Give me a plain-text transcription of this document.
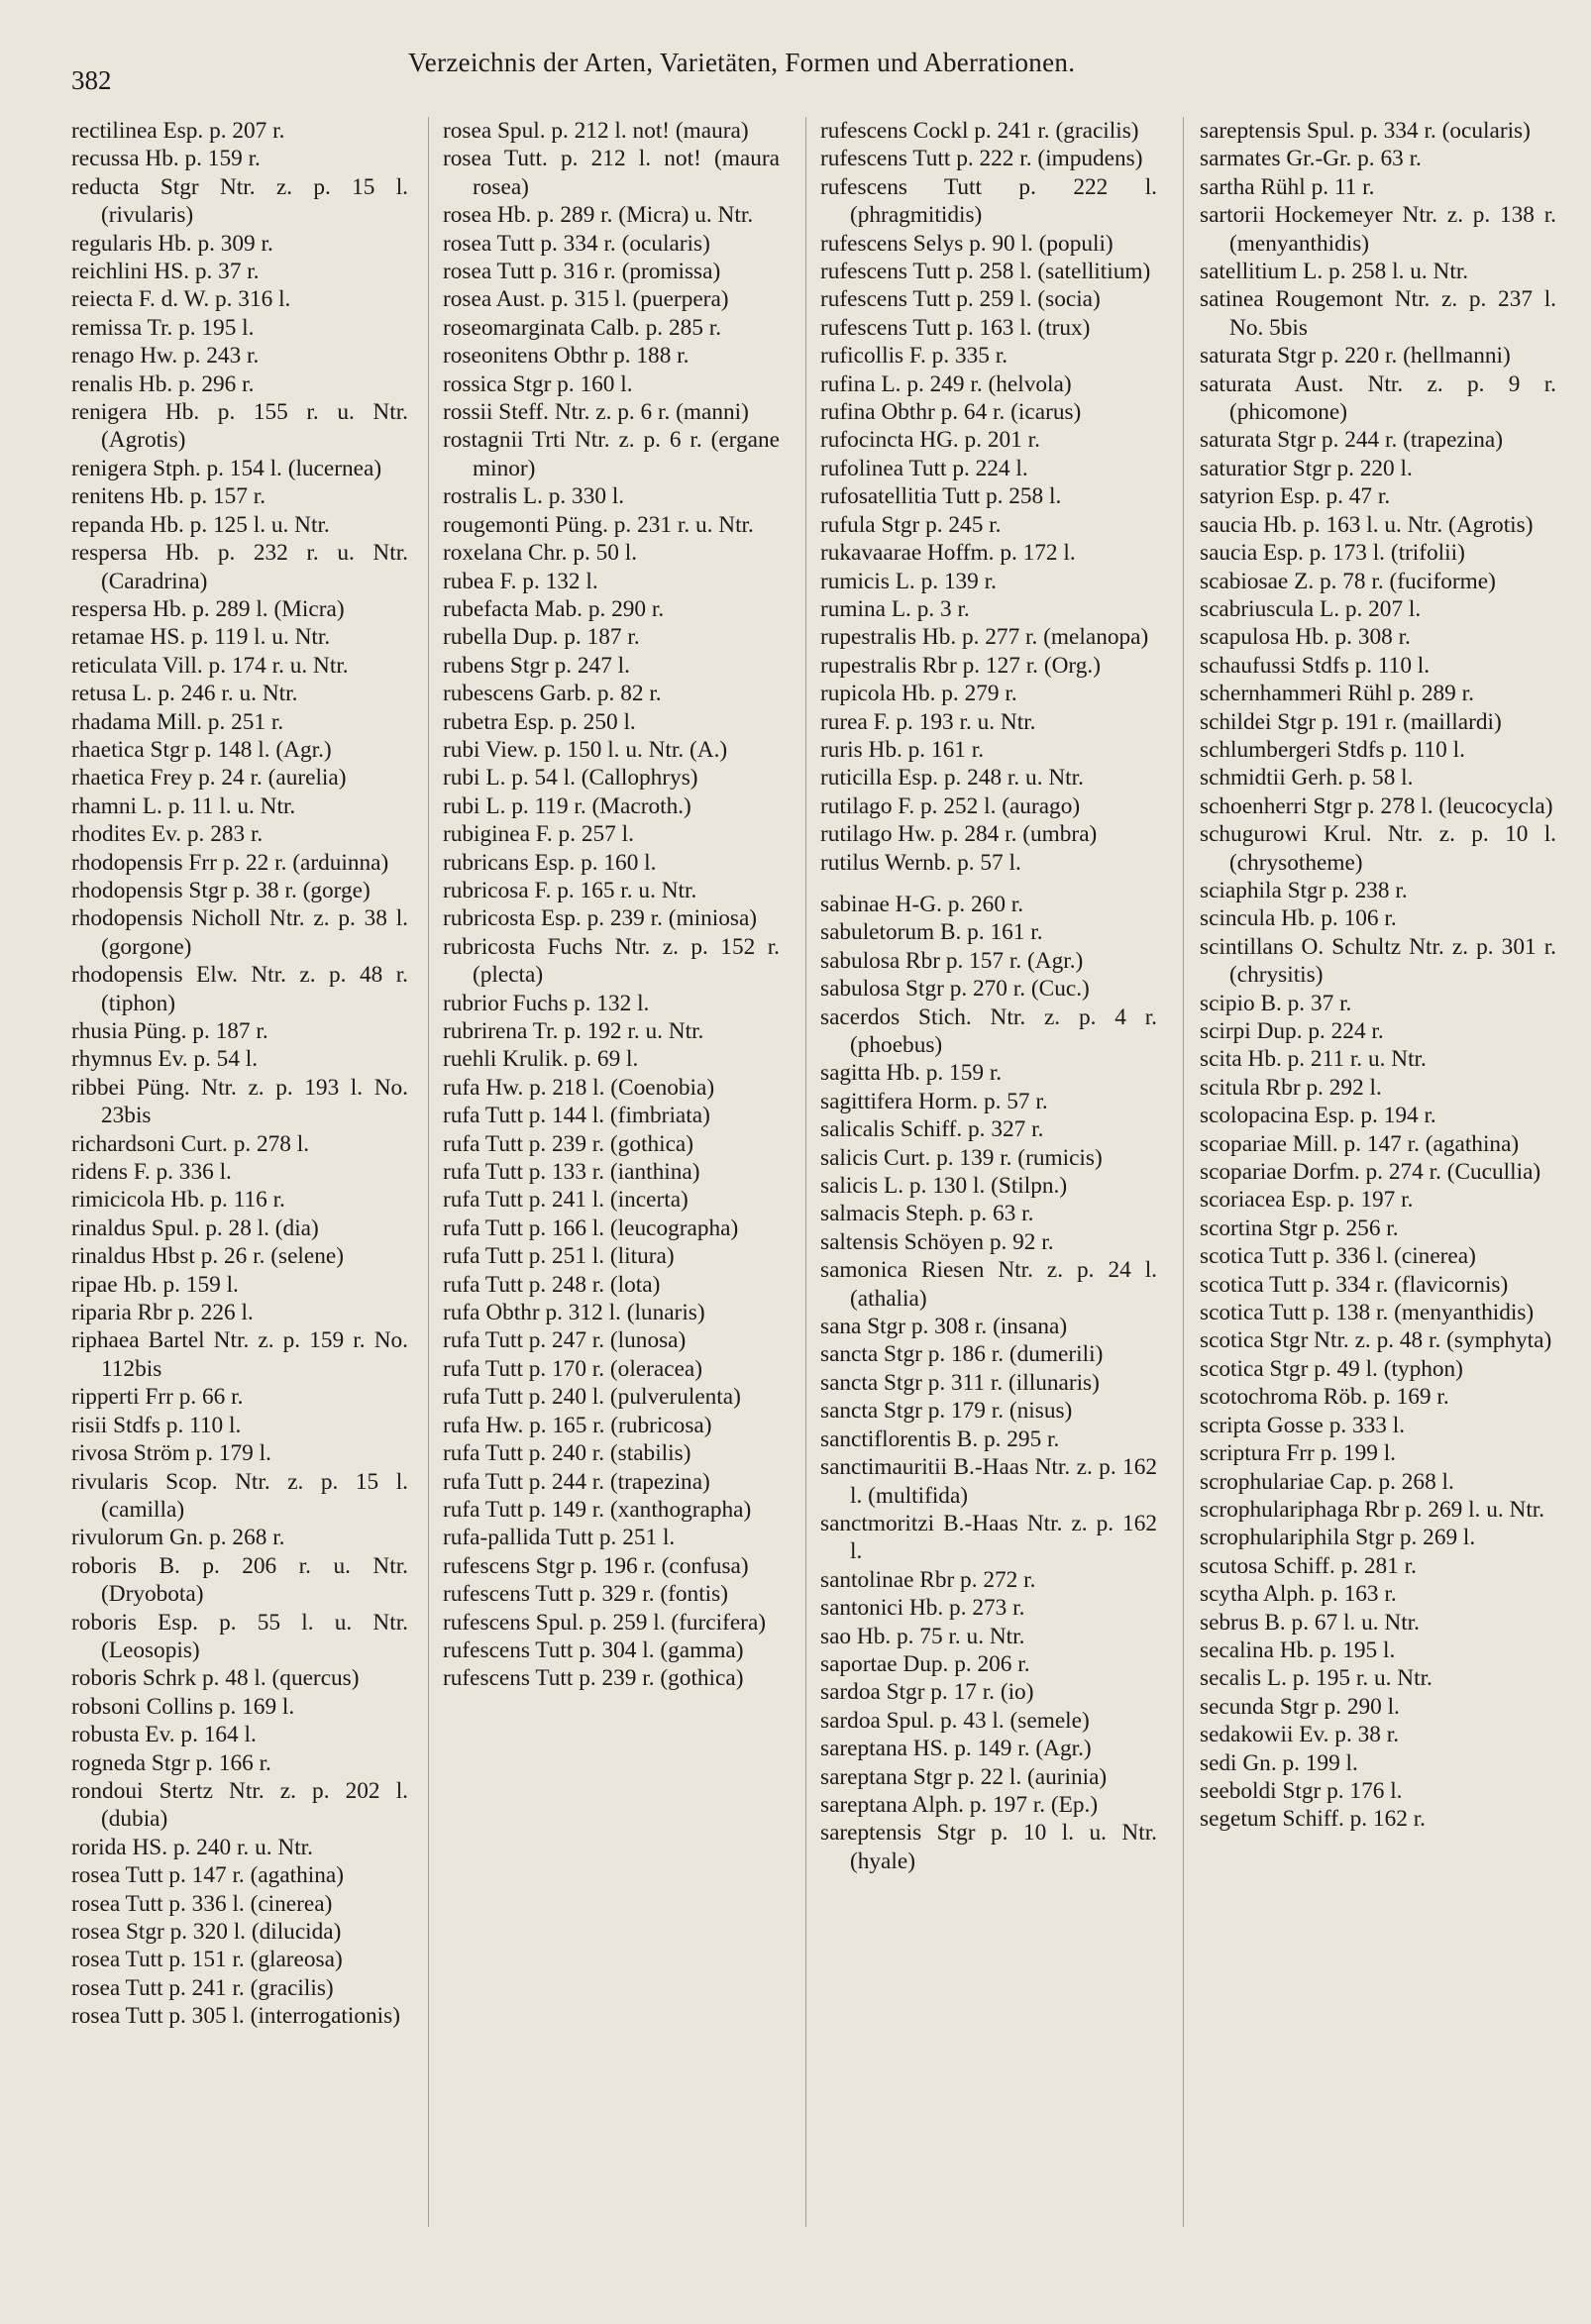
382
Verzeichnis der Arten, Varietäten, Formen und Aberrationen.
rectilinea Esp. p. 207 r.
recussa Hb. p. 159 r.
reducta Stgr Ntr. z. p. 15 l. (rivularis)
regularis Hb. p. 309 r.
reichlini HS. p. 37 r.
reiecta F. d. W. p. 316 l.
remissa Tr. p. 195 l.
renago Hw. p. 243 r.
renalis Hb. p. 296 r.
renigera Hb. p. 155 r. u. Ntr. (Agrotis)
renigera Stph. p. 154 l. (lucernea)
renitens Hb. p. 157 r.
repanda Hb. p. 125 l. u. Ntr.
respersa Hb. p. 232 r. u. Ntr. (Caradrina)
respersa Hb. p. 289 l. (Micra)
retamae HS. p. 119 l. u. Ntr.
reticulata Vill. p. 174 r. u. Ntr.
retusa L. p. 246 r. u. Ntr.
rhadama Mill. p. 251 r.
rhaetica Stgr p. 148 l. (Agr.)
rhaetica Frey p. 24 r. (aurelia)
rhamni L. p. 11 l. u. Ntr.
rhodites Ev. p. 283 r.
rhodopensis Frr p. 22 r. (arduinna)
rhodopensis Stgr p. 38 r. (gorge)
rhodopensis Nicholl Ntr. z. p. 38 l. (gorgone)
rhodopensis Elw. Ntr. z. p. 48 r. (tiphon)
rhusia Püng. p. 187 r.
rhymnus Ev. p. 54 l.
ribbei Püng. Ntr. z. p. 193 l. No. 23bis
richardsoni Curt. p. 278 l.
ridens F. p. 336 l.
rimicicola Hb. p. 116 r.
rinaldus Spul. p. 28 l. (dia)
rinaldus Hbst p. 26 r. (selene)
ripae Hb. p. 159 l.
riparia Rbr p. 226 l.
riphaea Bartel Ntr. z. p. 159 r. No. 112bis
ripperti Frr p. 66 r.
risii Stdfs p. 110 l.
rivosa Ström p. 179 l.
rivularis Scop. Ntr. z. p. 15 l. (camilla)
rivulorum Gn. p. 268 r.
roboris B. p. 206 r. u. Ntr. (Dryobota)
roboris Esp. p. 55 l. u. Ntr. (Leosopis)
roboris Schrk p. 48 l. (quercus)
robsoni Collins p. 169 l.
robusta Ev. p. 164 l.
rogneda Stgr p. 166 r.
rondoui Stertz Ntr. z. p. 202 l. (dubia)
rorida HS. p. 240 r. u. Ntr.
rosea Tutt p. 147 r. (agathina)
rosea Tutt p. 336 l. (cinerea)
rosea Stgr p. 320 l. (dilucida)
rosea Tutt p. 151 r. (glareosa)
rosea Tutt p. 241 r. (gracilis)
rosea Tutt p. 305 l. (interrogationis)
rosea Spul. p. 212 l. not! (maura)
rosea Tutt. p. 212 l. not! (maura rosea)
rosea Hb. p. 289 r. (Micra) u. Ntr.
rosea Tutt p. 334 r. (ocularis)
rosea Tutt p. 316 r. (promissa)
rosea Aust. p. 315 l. (puerpera)
roseomarginata Calb. p. 285 r.
roseonitens Obthr p. 188 r.
rossica Stgr p. 160 l.
rossii Steff. Ntr. z. p. 6 r. (manni)
rostagnii Trti Ntr. z. p. 6 r. (ergane minor)
rostralis L. p. 330 l.
rougemonti Püng. p. 231 r. u. Ntr.
roxelana Chr. p. 50 l.
rubea F. p. 132 l.
rubefacta Mab. p. 290 r.
rubella Dup. p. 187 r.
rubens Stgr p. 247 l.
rubescens Garb. p. 82 r.
rubetra Esp. p. 250 l.
rubi View. p. 150 l. u. Ntr. (A.)
rubi L. p. 54 l. (Callophrys)
rubi L. p. 119 r. (Macroth.)
rubiginea F. p. 257 l.
rubricans Esp. p. 160 l.
rubricosa F. p. 165 r. u. Ntr.
rubricosta Esp. p. 239 r. (miniosa)
rubricosta Fuchs Ntr. z. p. 152 r. (plecta)
rubrior Fuchs p. 132 l.
rubrirena Tr. p. 192 r. u. Ntr.
ruehli Krulik. p. 69 l.
rufa Hw. p. 218 l. (Coenobia)
rufa Tutt p. 144 l. (fimbriata)
rufa Tutt p. 239 r. (gothica)
rufa Tutt p. 133 r. (ianthina)
rufa Tutt p. 241 l. (incerta)
rufa Tutt p. 166 l. (leucographa)
rufa Tutt p. 251 l. (litura)
rufa Tutt p. 248 r. (lota)
rufa Obthr p. 312 l. (lunaris)
rufa Tutt p. 247 r. (lunosa)
rufa Tutt p. 170 r. (oleracea)
rufa Tutt p. 240 l. (pulverulenta)
rufa Hw. p. 165 r. (rubricosa)
rufa Tutt p. 240 r. (stabilis)
rufa Tutt p. 244 r. (trapezina)
rufa Tutt p. 149 r. (xanthographa)
rufa-pallida Tutt p. 251 l.
rufescens Stgr p. 196 r. (confusa)
rufescens Tutt p. 329 r. (fontis)
rufescens Spul. p. 259 l. (furcifera)
rufescens Tutt p. 304 l. (gamma)
rufescens Tutt p. 239 r. (gothica)
rufescens Cockl p. 241 r. (gracilis)
rufescens Tutt p. 222 r. (impudens)
rufescens Tutt p. 222 l. (phragmitidis)
rufescens Selys p. 90 l. (populi)
rufescens Tutt p. 258 l. (satellitium)
rufescens Tutt p. 259 l. (socia)
rufescens Tutt p. 163 l. (trux)
ruficollis F. p. 335 r.
rufina L. p. 249 r. (helvola)
rufina Obthr p. 64 r. (icarus)
rufocincta HG. p. 201 r.
rufolinea Tutt p. 224 l.
rufosatellitia Tutt p. 258 l.
rufula Stgr p. 245 r.
rukavaarae Hoffm. p. 172 l.
rumicis L. p. 139 r.
rumina L. p. 3 r.
rupestralis Hb. p. 277 r. (melanopa)
rupestralis Rbr p. 127 r. (Org.)
rupicola Hb. p. 279 r.
rurea F. p. 193 r. u. Ntr.
ruris Hb. p. 161 r.
ruticilla Esp. p. 248 r. u. Ntr.
rutilago F. p. 252 l. (aurago)
rutilago Hw. p. 284 r. (umbra)
rutilus Wernb. p. 57 l.
sabinae H-G. p. 260 r.
sabuletorum B. p. 161 r.
sabulosa Rbr p. 157 r. (Agr.)
sabulosa Stgr p. 270 r. (Cuc.)
sacerdos Stich. Ntr. z. p. 4 r. (phoebus)
sagitta Hb. p. 159 r.
sagittifera Horm. p. 57 r.
salicalis Schiff. p. 327 r.
salicis Curt. p. 139 r. (rumicis)
salicis L. p. 130 l. (Stilpn.)
salmacis Steph. p. 63 r.
saltensis Schöyen p. 92 r.
samonica Riesen Ntr. z. p. 24 l. (athalia)
sana Stgr p. 308 r. (insana)
sancta Stgr p. 186 r. (dumerili)
sancta Stgr p. 311 r. (illunaris)
sancta Stgr p. 179 r. (nisus)
sanctiflorentis B. p. 295 r.
sanctimauritii B.-Haas Ntr. z. p. 162 l. (multifida)
sanctmoritzi B.-Haas Ntr. z. p. 162 l.
santolinae Rbr p. 272 r.
santonici Hb. p. 273 r.
sao Hb. p. 75 r. u. Ntr.
saportae Dup. p. 206 r.
sardoa Stgr p. 17 r. (io)
sardoa Spul. p. 43 l. (semele)
sareptana HS. p. 149 r. (Agr.)
sareptana Stgr p. 22 l. (aurinia)
sareptana Alph. p. 197 r. (Ep.)
sareptensis Stgr p. 10 l. u. Ntr. (hyale)
sareptensis Spul. p. 334 r. (ocularis)
sarmates Gr.-Gr. p. 63 r.
sartha Rühl p. 11 r.
sartorii Hockemeyer Ntr. z. p. 138 r. (menyanthidis)
satellitium L. p. 258 l. u. Ntr.
satinea Rougemont Ntr. z. p. 237 l. No. 5bis
saturata Stgr p. 220 r. (hellmanni)
saturata Aust. Ntr. z. p. 9 r. (phicomone)
saturata Stgr p. 244 r. (trapezina)
saturatior Stgr p. 220 l.
satyrion Esp. p. 47 r.
saucia Hb. p. 163 l. u. Ntr. (Agrotis)
saucia Esp. p. 173 l. (trifolii)
scabiosae Z. p. 78 r. (fuciforme)
scabriuscula L. p. 207 l.
scapulosa Hb. p. 308 r.
schaufussi Stdfs p. 110 l.
schernhammeri Rühl p. 289 r.
schildei Stgr p. 191 r. (maillardi)
schlumbergeri Stdfs p. 110 l.
schmidtii Gerh. p. 58 l.
schoenherri Stgr p. 278 l. (leucocycla)
schugurowi Krul. Ntr. z. p. 10 l. (chrysotheme)
sciaphila Stgr p. 238 r.
scincula Hb. p. 106 r.
scintillans O. Schultz Ntr. z. p. 301 r. (chrysitis)
scipio B. p. 37 r.
scirpi Dup. p. 224 r.
scita Hb. p. 211 r. u. Ntr.
scitula Rbr p. 292 l.
scolopacina Esp. p. 194 r.
scopariae Mill. p. 147 r. (agathina)
scopariae Dorfm. p. 274 r. (Cucullia)
scoriacea Esp. p. 197 r.
scortina Stgr p. 256 r.
scotica Tutt p. 336 l. (cinerea)
scotica Tutt p. 334 r. (flavicornis)
scotica Tutt p. 138 r. (menyanthidis)
scotica Stgr Ntr. z. p. 48 r. (symphyta)
scotica Stgr p. 49 l. (typhon)
scotochroma Röb. p. 169 r.
scripta Gosse p. 333 l.
scriptura Frr p. 199 l.
scrophulariae Cap. p. 268 l.
scrophulariphaga Rbr p. 269 l. u. Ntr.
scrophulariphila Stgr p. 269 l.
scutosa Schiff. p. 281 r.
scytha Alph. p. 163 r.
sebrus B. p. 67 l. u. Ntr.
secalina Hb. p. 195 l.
secalis L. p. 195 r. u. Ntr.
secunda Stgr p. 290 l.
sedakowii Ev. p. 38 r.
sedi Gn. p. 199 l.
seeboldi Stgr p. 176 l.
segetum Schiff. p. 162 r.
